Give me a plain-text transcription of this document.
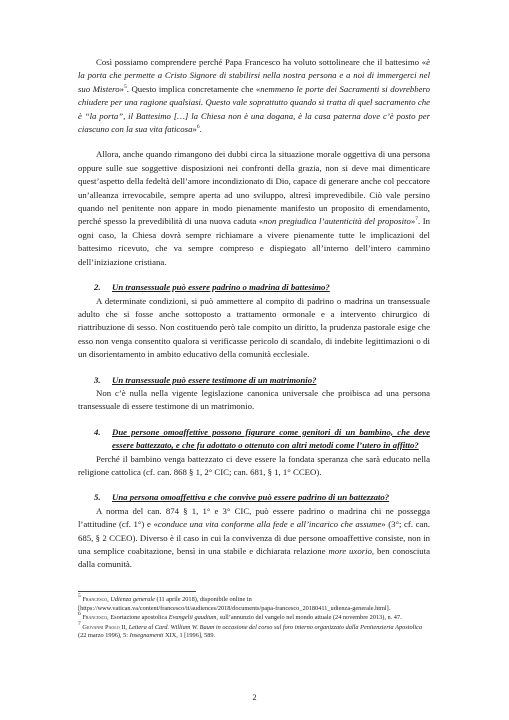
Così possiamo comprendere perché Papa Francesco ha voluto sottolineare che il battesimo «è la porta che permette a Cristo Signore di stabilirsi nella nostra persona e a noi di immergerci nel suo Mistero»$^5$. Questo implica concretamente che «nemmeno le porte dei Sacramenti si dovrebbero chiudere per una ragione qualsiasi. Questo vale soprattutto quando si tratta di quel sacramento che è “la porta”, il Battesimo […] la Chiesa non è una dogana, è la casa paterna dove c’è posto per ciascuno con la sua vita faticosa»$^6$.

Allora, anche quando rimangono dei dubbi circa la situazione morale oggettiva di una persona oppure sulle sue soggettive disposizioni nei confronti della grazia, non si deve mai dimenticare quest’aspetto della fedeltà dell’amore incondizionato di Dio, capace di generare anche col peccatore un’alleanza irrevocabile, sempre aperta ad uno sviluppo, altresì imprevedibile. Ciò vale persino quando nel penitente non appare in modo pienamente manifesto un proposito di emendamento, perché spesso la prevedibilità di una nuova caduta «non pregiudica l’autenticità del proposito»$^7$. In ogni caso, la Chiesa dovrà sempre richiamare a vivere pienamente tutte le implicazioni del battesimo ricevuto, che va sempre compreso e dispiegato all’interno dell’intero cammino dell’iniziazione cristiana.

2.	Un transessuale può essere padrino o madrina di battesimo?

A determinate condizioni, si può ammettere al compito di padrino o madrina un transessuale adulto che si fosse anche sottoposto a trattamento ormonale e a intervento chirurgico di riattribuzione di sesso. Non costituendo però tale compito un diritto, la prudenza pastorale esige che esso non venga consentito qualora si verificasse pericolo di scandalo, di indebite legittimazioni o di un disorientamento in ambito educativo della comunità ecclesiale.

3.	Un transessuale può essere testimone di un matrimonio?

Non c’è nulla nella vigente legislazione canonica universale che proibisca ad una persona transessuale di essere testimone di un matrimonio.

4.	Due persone omoaffettive possono figurare come genitori di un bambino, che deve essere battezzato, e che fu adottato o ottenuto con altri metodi come l’utero in affitto?

Perché il bambino venga battezzato ci deve essere la fondata speranza che sarà educato nella religione cattolica (cf. can. 868 § 1, 2° CIC; can. 681, § 1, 1° CCEO).

5.	Una persona omoaffettiva e che convive può essere padrino di un battezzato?

A norma del can. 874 § 1, 1° e 3° CIC, può essere padrino o madrina chi ne possegga l’attitudine (cf. 1°) e «conduce una vita conforme alla fede e all’incarico che assume» (3°; cf. can. 685, § 2 CCEO). Diverso è il caso in cui la convivenza di due persone omoaffettive consiste, non in una semplice coabitazione, bensì in una stabile e dichiarata relazione more uxorio, ben conosciuta dalla comunità.

$^5$ Francesco, Udienza generale (11 aprile 2018), disponibile online in [https://www.vatican.va/content/francesco/it/audiences/2018/documents/papa-francesco_20180411_udienza-generale.html].

$^6$ Francesco, Esortazione apostolica Evangelii gaudium, sull’annunzio del vangelo nel mondo attuale (24 novembre 2013), n. 47.

$^7$ Giovanni Paolo II, Lettera al Card. William W. Baum in occasione del corso sul foro interno organizzato dalla Penitenzieria Apostolica (22 marzo 1996), 5: Insegnamenti XIX, 1 [1996], 589.

2
